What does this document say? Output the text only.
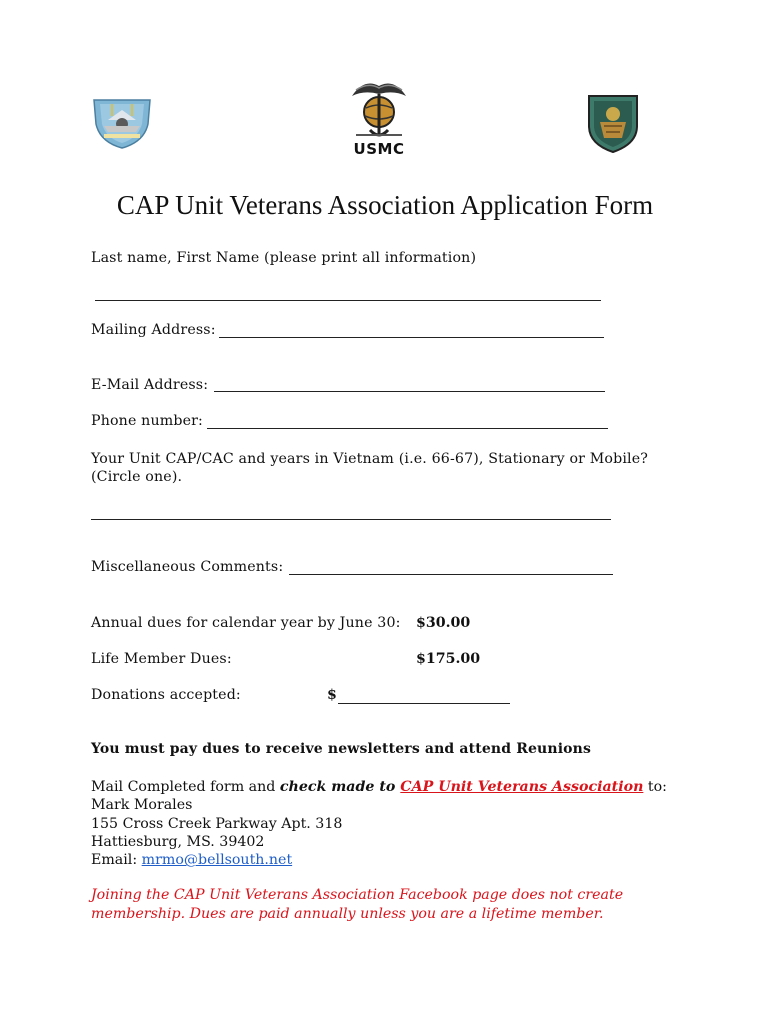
USMC
CAP Unit Veterans Association Application Form
Last name, First Name (please print all information)
Mailing Address:
E-Mail Address:
Phone number:
Your Unit CAP/CAC and years in Vietnam (i.e. 66-67), Stationary or Mobile?
(Circle one).
Miscellaneous Comments:
Annual dues for calendar year by June 30: $30.00
Life Member Dues:	$175.00
Donations accepted:	$
You must pay dues to receive newsletters and attend Reunions
Mail Completed form and check made to CAP Unit Veterans Association to:
Mark Morales
155 Cross Creek Parkway Apt. 318
Hattiesburg, MS. 39402
Email: mrmo@bellsouth.net
Joining the CAP Unit Veterans Association Facebook page does not create membership. Dues are paid annually unless you are a lifetime member.
